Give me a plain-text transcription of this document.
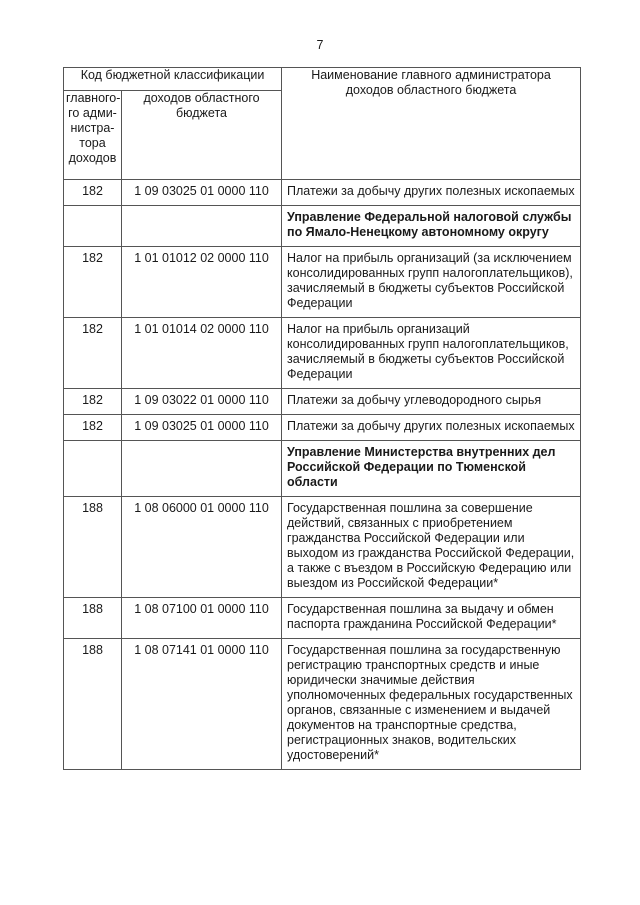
7
Код бюджетной классификации		Наименование главного администратора доходов областного бюджета
главного-
го адми-
нистра-
тора
доходов	доходов областного бюджета	
182	1 09 03025 01 0000 110	Платежи за добычу других полезных ископаемых
		Управление Федеральной налоговой службы по Ямало-Ненецкому автономному округу
182	1 01 01012 02 0000 110	Налог на прибыль организаций (за исключением консолидированных групп налогоплательщиков), зачисляемый в бюджеты субъектов Российской Федерации
182	1 01 01014 02 0000 110	Налог на прибыль организаций консолидированных групп налогоплательщиков, зачисляемый в бюджеты субъектов Российской Федерации
182	1 09 03022 01 0000 110	Платежи за добычу углеводородного сырья
182	1 09 03025 01 0000 110	Платежи за добычу других полезных ископаемых
		Управление Министерства внутренних дел Российской Федерации по Тюменской области
188	1 08 06000 01 0000 110	Государственная пошлина за совершение действий, связанных с приобретением гражданства Российской Федерации или выходом из гражданства Российской Федерации, а также с въездом в Российскую Федерацию или выездом из Российской Федерации*
188	1 08 07100 01 0000 110	Государственная пошлина за выдачу и обмен паспорта гражданина Российской Федерации*
188	1 08 07141 01 0000 110	Государственная пошлина за государственную регистрацию транспортных средств и иные юридически значимые действия уполномоченных федеральных государственных органов, связанные с изменением и выдачей документов на транспортные средства, регистрационных знаков, водительских удостоверений*
